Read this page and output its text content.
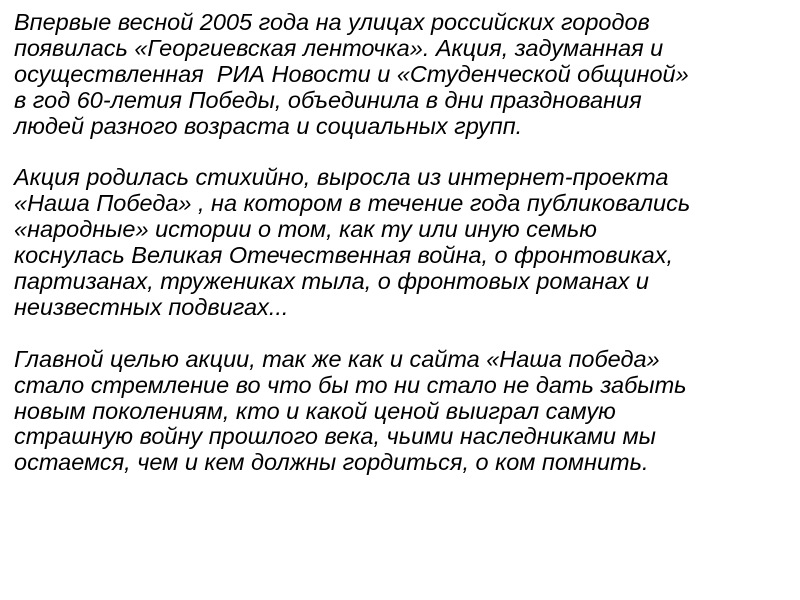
Впервые весной 2005 года на улицах российских городов
появилась «Георгиевская ленточка». Акция, задуманная и
осуществленная  РИА Новости и «Студенческой общиной»
в год 60-летия Победы, объединила в дни празднования
людей разного возраста и социальных групп.

Акция родилась стихийно, выросла из интернет-проекта
«Наша Победа» , на котором в течение года публиковались
«народные» истории о том, как ту или иную семью
коснулась Великая Отечественная война, о фронтовиках,
партизанах, тружениках тыла, о фронтовых романах и
неизвестных подвигах...

Главной целью акции, так же как и сайта «Наша победа»
стало стремление во что бы то ни стало не дать забыть
новым поколениям, кто и какой ценой выиграл самую
страшную войну прошлого века, чьими наследниками мы
остаемся, чем и кем должны гордиться, о ком помнить.
